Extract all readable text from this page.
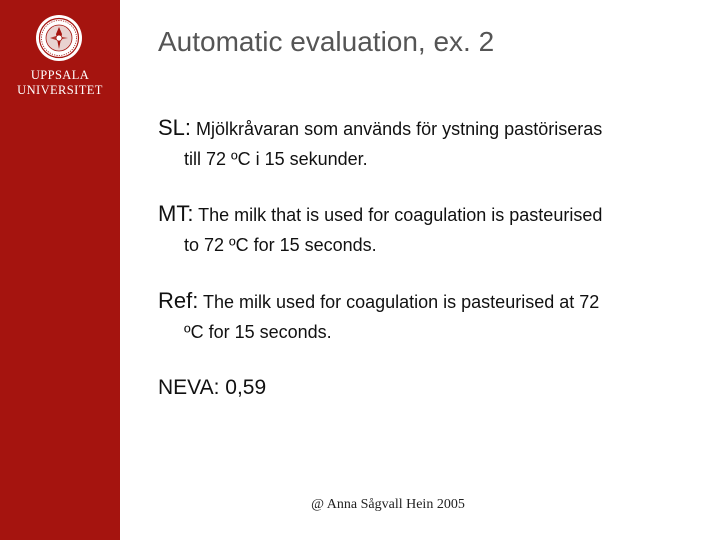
UPPSALA
UNIVERSITET
Automatic evaluation, ex. 2
SL: Mjölkråvaran som används för ystning pastöriseras
till 72 ºC i 15 sekunder.
MT: The milk that is used for coagulation is pasteurised
to 72 ºC for 15 seconds.
Ref: The milk used for coagulation is pasteurised at 72
ºC for 15 seconds.
NEVA: 0,59
@ Anna Sågvall Hein 2005
